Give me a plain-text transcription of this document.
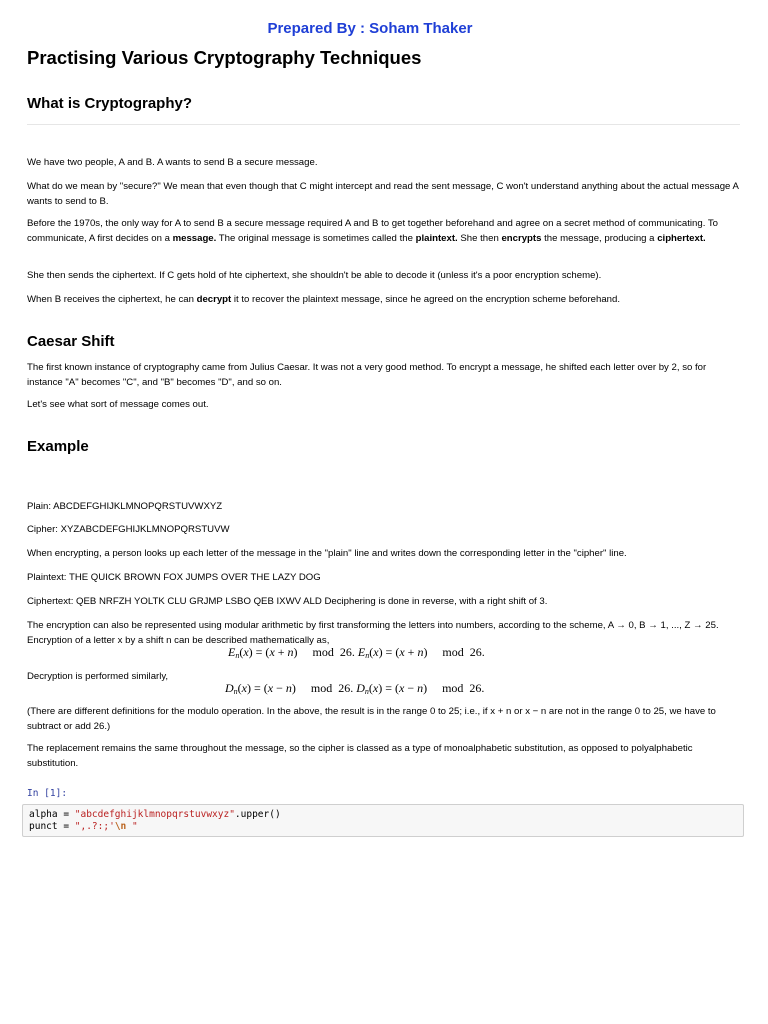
Prepared By : Soham Thaker
Practising Various Cryptography Techniques
What is Cryptography?

We have two people, A and B. A wants to send B a secure message.

What do we mean by "secure?" We mean that even though that C might intercept and read the sent message, C won't understand anything about the actual message A wants to send to B.

Before the 1970s, the only way for A to send B a secure message required A and B to get together beforehand and agree on a secret method of communicating. To communicate, A first decides on a message. The original message is sometimes called the plaintext. She then encrypts the message, producing a ciphertext.

She then sends the ciphertext. If C gets hold of hte ciphertext, she shouldn't be able to decode it (unless it's a poor encryption scheme).

When B receives the ciphertext, he can decrypt it to recover the plaintext message, since he agreed on the encryption scheme beforehand.

Caesar Shift

The first known instance of cryptography came from Julius Caesar. It was not a very good method. To encrypt a message, he shifted each letter over by 2, so for instance "A" becomes "C", and "B" becomes "D", and so on.

Let's see what sort of message comes out.

Example

Plain: ABCDEFGHIJKLMNOPQRSTUVWXYZ

Cipher: XYZABCDEFGHIJKLMNOPQRSTUVW

When encrypting, a person looks up each letter of the message in the "plain" line and writes down the corresponding letter in the "cipher" line.

Plaintext: THE QUICK BROWN FOX JUMPS OVER THE LAZY DOG

Ciphertext: QEB NRFZH YOLTK CLU GRJMP LSBO QEB IXWV ALD Deciphering is done in reverse, with a right shift of 3.

The encryption can also be represented using modular arithmetic by first transforming the letters into numbers, according to the scheme, A → 0, B → 1, ..., Z → 25. Encryption of a letter x by a shift n can be described mathematically as,

$E_n(x) = (x + n)$     mod  26. $E_n(x) = (x + n)$     mod  26.

Decryption is performed similarly,

$D_n(x) = (x - n)$     mod  26. $D_n(x) = (x - n)$     mod  26.

(There are different definitions for the modulo operation. In the above, the result is in the range 0 to 25; i.e., if x + n or x − n are not in the range 0 to 25, we have to subtract or add 26.)

The replacement remains the same throughout the message, so the cipher is classed as a type of monoalphabetic substitution, as opposed to polyalphabetic substitution.

In [1]:
alpha = "abcdefghijklmnopqrstuvwxyz".upper()
punct = ",.?:;'\n "
